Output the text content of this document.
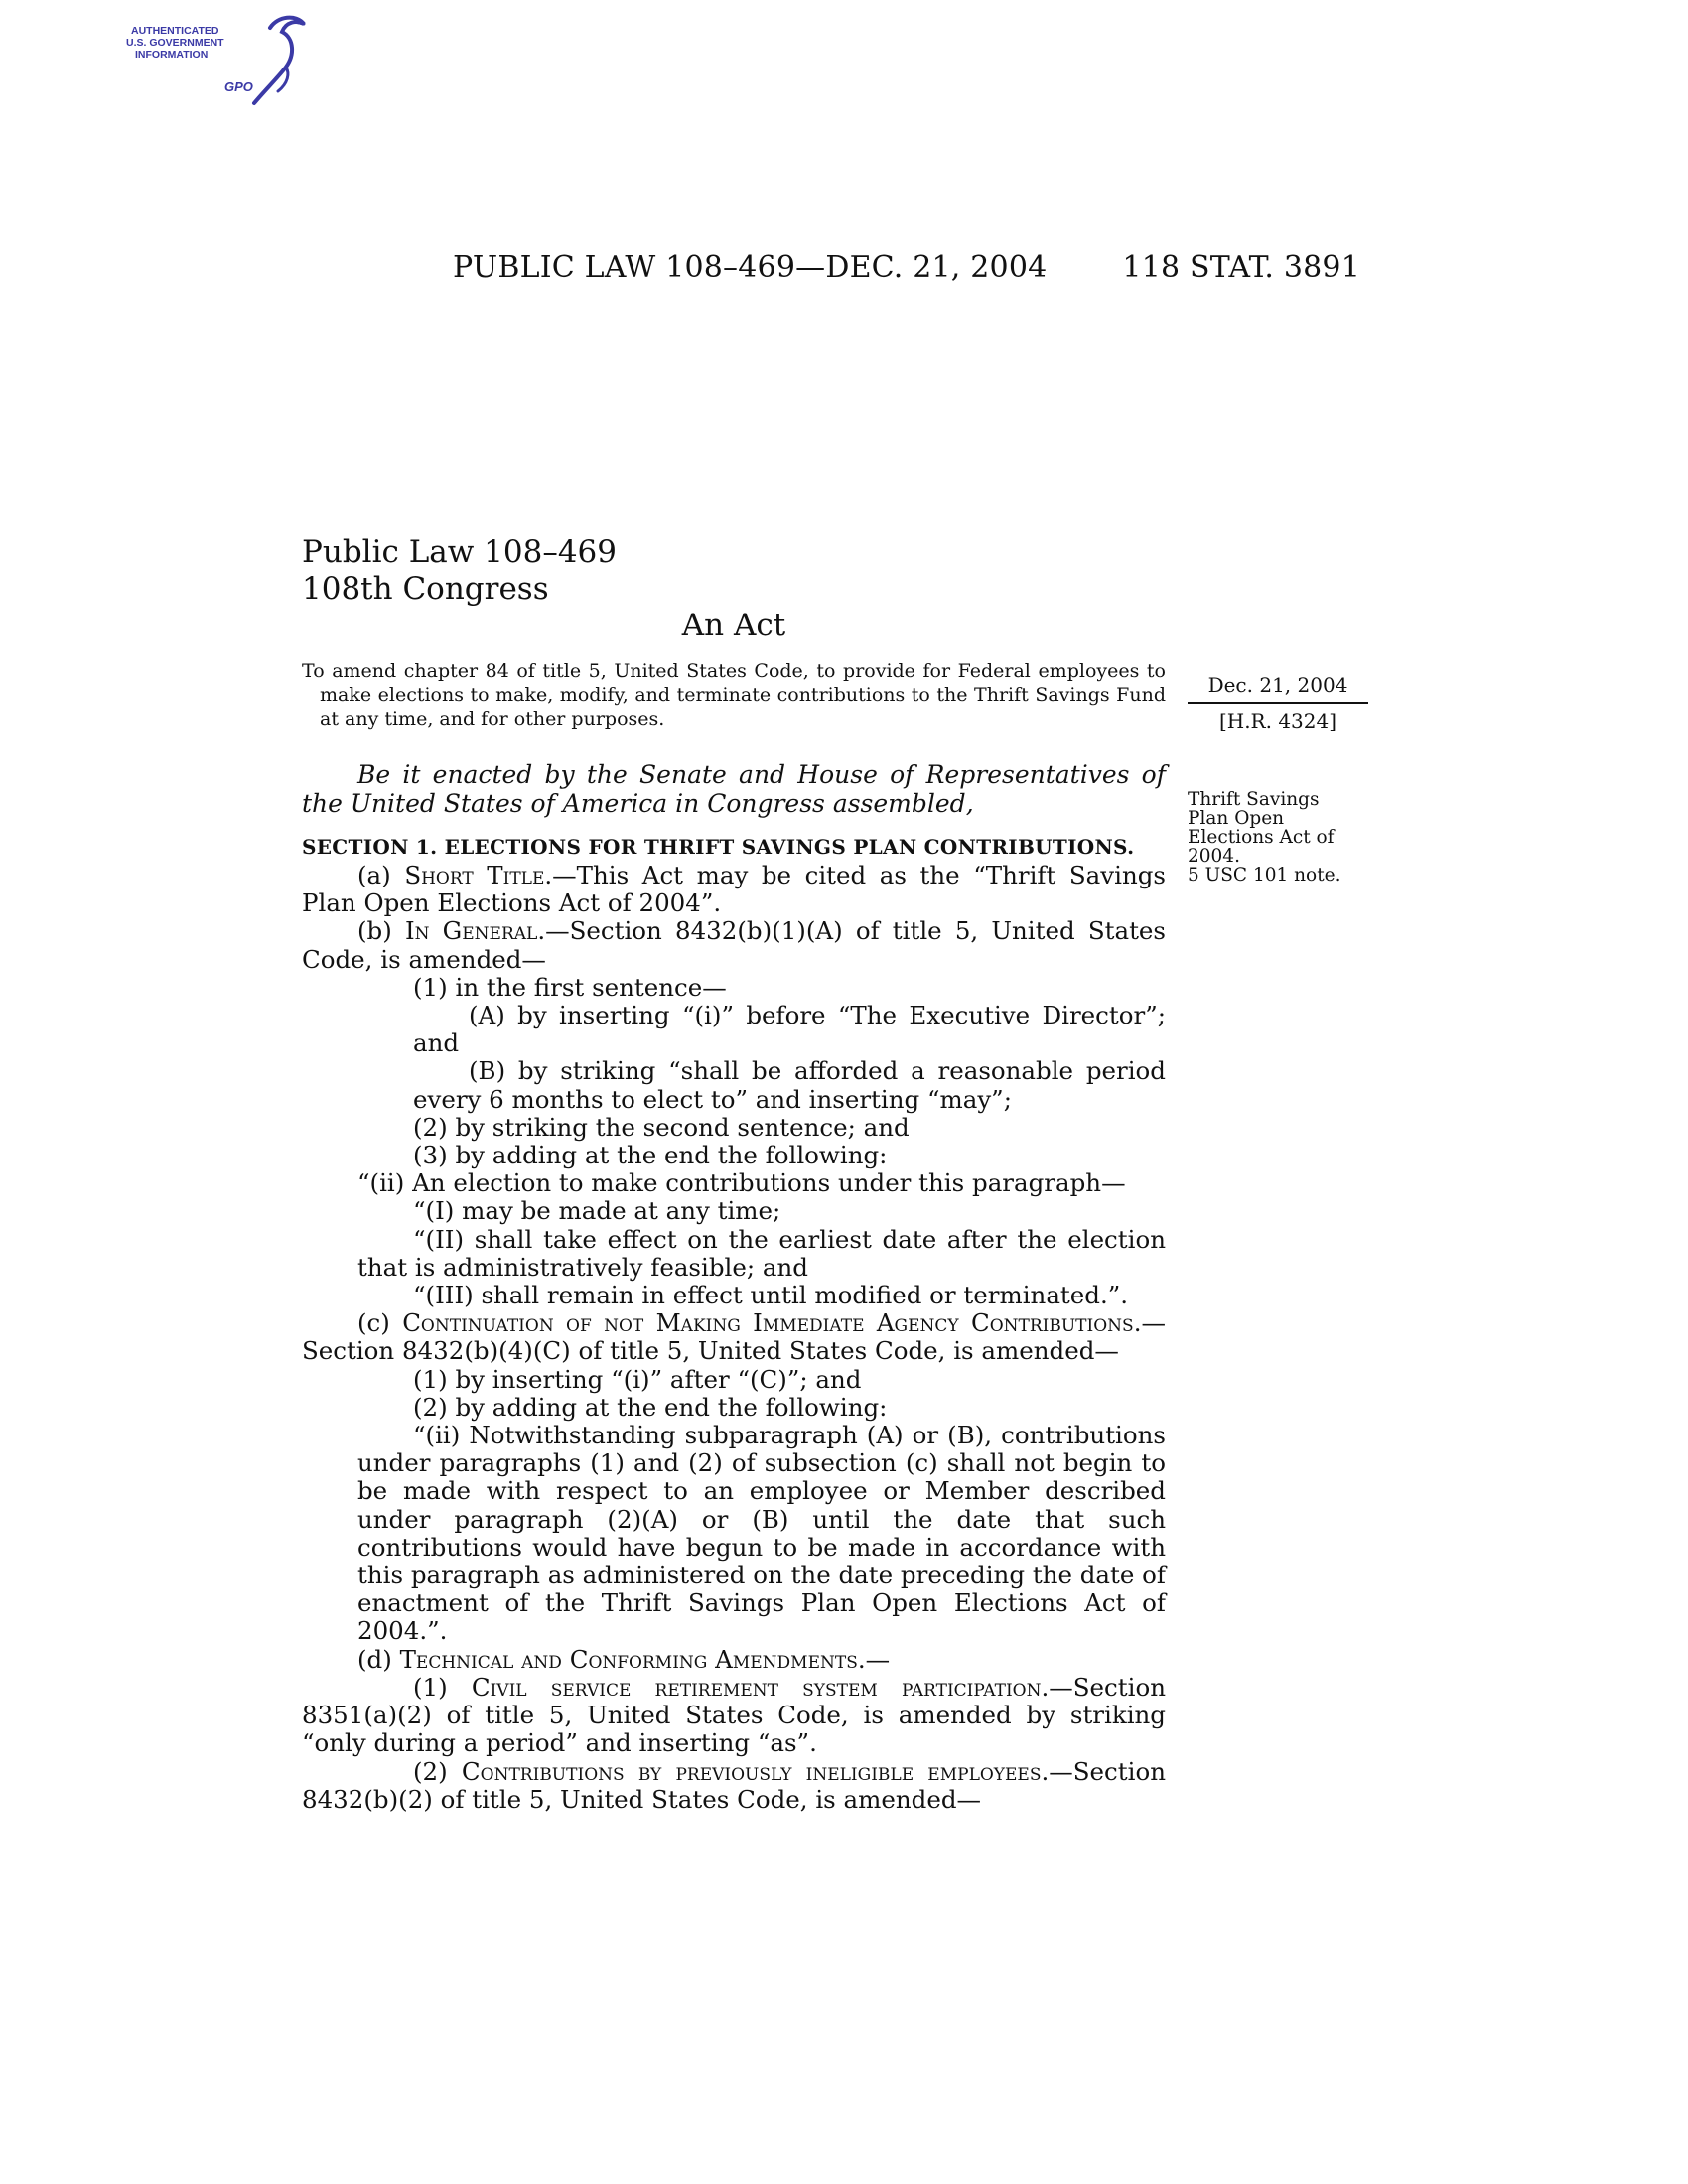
AUTHENTICATED
U.S. GOVERNMENT
INFORMATION
GPO
PUBLIC LAW 108–469—DEC. 21, 2004	118 STAT. 3891
Public Law 108–469
108th Congress
An Act

To amend chapter 84 of title 5, United States Code, to provide for Federal employees to make elections to make, modify, and terminate contributions to the Thrift Savings Fund at any time, and for other purposes.

Be it enacted by the Senate and House of Representatives of the United States of America in Congress assembled,

SECTION 1. ELECTIONS FOR THRIFT SAVINGS PLAN CONTRIBUTIONS.

(a) Short Title.—This Act may be cited as the “Thrift Savings Plan Open Elections Act of 2004”.

(b) In General.—Section 8432(b)(1)(A) of title 5, United States Code, is amended—

(1) in the first sentence—

(A) by inserting “(i)” before “The Executive Director”; and

(B) by striking “shall be afforded a reasonable period every 6 months to elect to” and inserting “may”;

(2) by striking the second sentence; and

(3) by adding at the end the following:

“(ii) An election to make contributions under this paragraph—

“(I) may be made at any time;

“(II) shall take effect on the earliest date after the election that is administratively feasible; and

“(III) shall remain in effect until modified or terminated.”.

(c) Continuation of not Making Immediate Agency Contributions.—Section 8432(b)(4)(C) of title 5, United States Code, is amended—

(1) by inserting “(i)” after “(C)”; and

(2) by adding at the end the following:

“(ii) Notwithstanding subparagraph (A) or (B), contributions under paragraphs (1) and (2) of subsection (c) shall not begin to be made with respect to an employee or Member described under paragraph (2)(A) or (B) until the date that such contributions would have begun to be made in accordance with this paragraph as administered on the date preceding the date of enactment of the Thrift Savings Plan Open Elections Act of 2004.”.

(d) Technical and Conforming Amendments.—

(1) Civil service retirement system participation.—Section 8351(a)(2) of title 5, United States Code, is amended by striking “only during a period” and inserting “as”.

(2) Contributions by previously ineligible employees.—Section 8432(b)(2) of title 5, United States Code, is amended—

Dec. 21, 2004
[H.R. 4324]
Thrift Savings
Plan Open
Elections Act of
2004.
5 USC 101 note.
